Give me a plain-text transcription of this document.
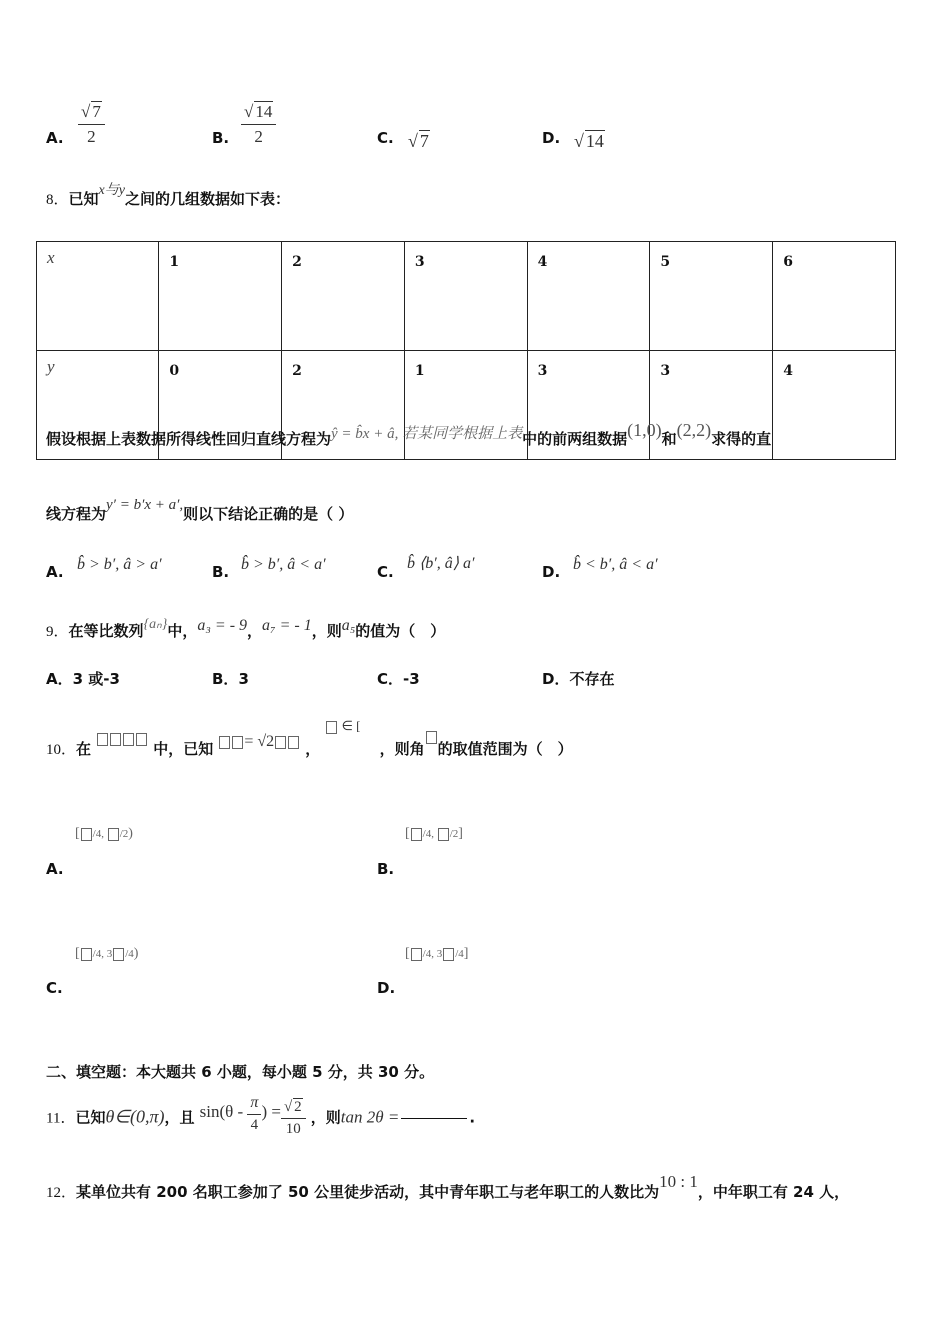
A. $\frac{√ 7}{2}$	B. $\frac{√ 14}{2}$	C. √ 7	D. √ 14
8．已知x与y之间的几组数据如下表：
x	1	2	3	4	5	6
y	0	2	1	3	3	4
假设根据上表数据所得线性回归直线方程为ŷ = b̂x + â, 若某同学根据上表中的前两组数据(1,0)和(2,2)求得的直
线方程为y′ = b′x + a′,则以下结论正确的是（ ）
A. b̂ > b′, â > a′	B. b̂ > b′, â < a′	C. b̂ ⟨b′, â⟩ a′	D. b̂ < b′, â < a′
9．在等比数列{aₙ}中，a₃ = - 9，a₇ = - 1，则a₅的值为（　）
A．3 或-3	B．3	C．-3	D．不存在
10．在	中，已知 = √2 ，  ∈ [ ，则角 的取值范围为（　）
[ /4, /2)
A.
[ /4, /2]
B.
[ /4, 3 /4)
C.
[ /4, 3 /4]
D.
二、填空题：本大题共 6 小题，每小题 5 分，共 30 分。
11．已知θ∈(0,π)，且 $\sin(\theta - \frac{\pi}{4}$ ) = $\frac{√ 2}{10}$ ，则tan 2θ =	.
12．某单位共有 200 名职工参加了 50 公里徒步活动，其中青年职工与老年职工的人数比为10 : 1，中年职工有 24 人，
